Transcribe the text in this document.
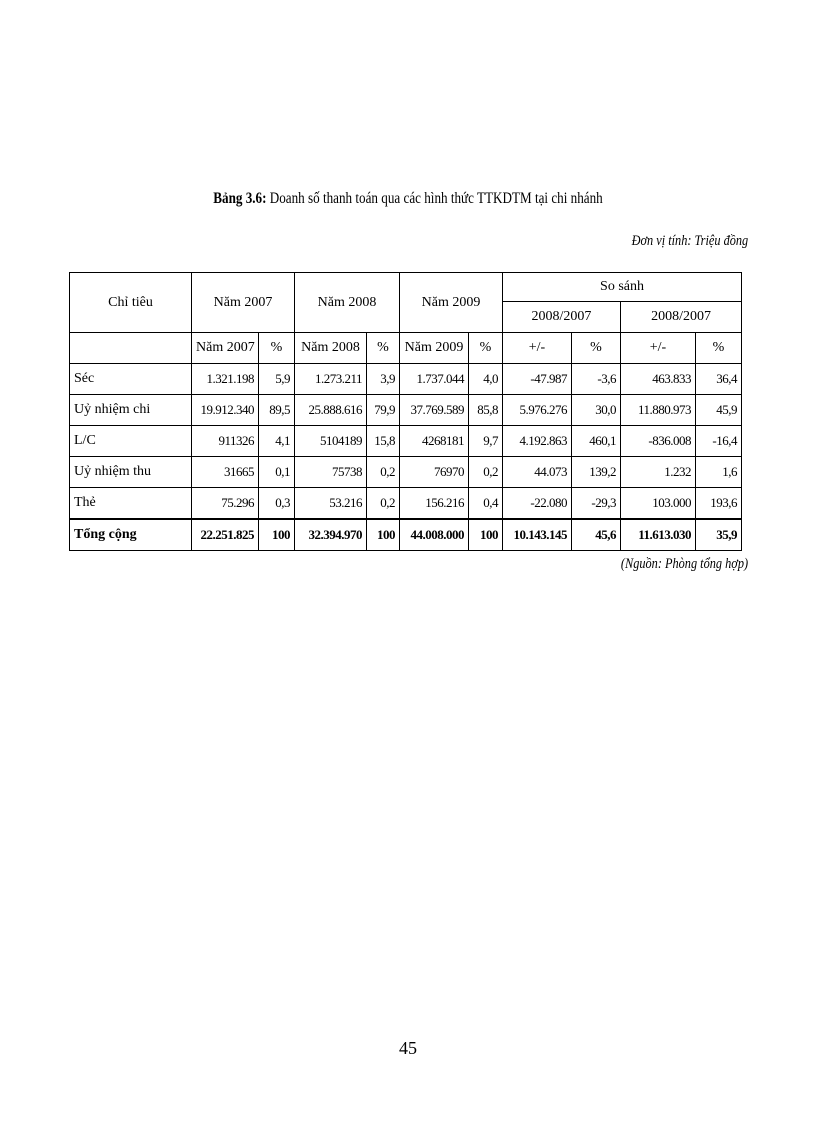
Bảng 3.6: Doanh số thanh toán qua các hình thức TTKDTM tại chi nhánh
Đơn vị tính: Triệu đồng
Chỉ tiêu	Năm 2007		Năm 2008		Năm 2009		So sánh			
							2008/2007		2008/2007	
	Năm 2007	%	Năm 2008	%	Năm 2009	%	+/-	%	+/-	%
Séc	1.321.198	5,9	1.273.211	3,9	1.737.044	4,0	-47.987	-3,6	463.833	36,4
Uỷ nhiệm chi	19.912.340	89,5	25.888.616	79,9	37.769.589	85,8	5.976.276	30,0	11.880.973	45,9
L/C	911326	4,1	5104189	15,8	4268181	9,7	4.192.863	460,1	-836.008	-16,4
Uỷ nhiệm thu	31665	0,1	75738	0,2	76970	0,2	44.073	139,2	1.232	1,6
Thẻ	75.296	0,3	53.216	0,2	156.216	0,4	-22.080	-29,3	103.000	193,6
Tổng cộng	22.251.825	100	32.394.970	100	44.008.000	100	10.143.145	45,6	11.613.030	35,9
(Nguồn: Phòng tổng hợp)
45
